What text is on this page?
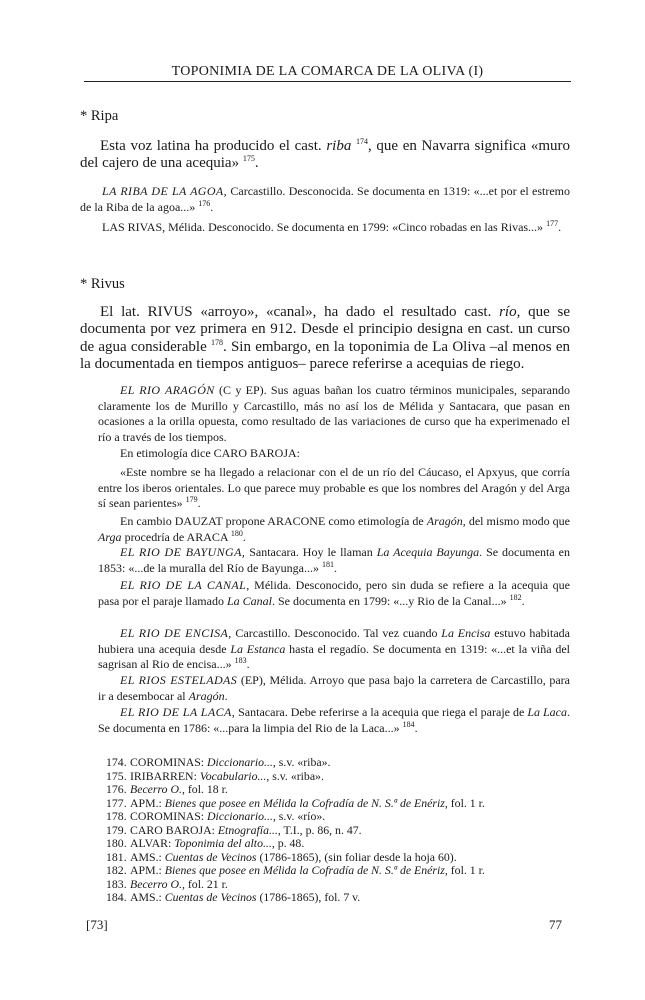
TOPONIMIA DE LA COMARCA DE LA OLIVA (I)
* Ripa
Esta voz latina ha producido el cast. riba $^{174}$, que en Navarra significa «muro del cajero de una acequia» $^{175}$.
LA RIBA DE LA AGOA, Carcastillo. Desconocida. Se documenta en 1319: «...et por el estremo de la Riba de la agoa...» $^{176}$.
LAS RIVAS, Mélida. Desconocido. Se documenta en 1799: «Cinco robadas en las Rivas...» $^{177}$.
* Rivus
El lat. RIVUS «arroyo», «canal», ha dado el resultado cast. río, que se documenta por vez primera en 912. Desde el principio designa en cast. un curso de agua considerable $^{178}$. Sin embargo, en la toponimia de La Oliva –al menos en la documentada en tiempos antiguos– parece referirse a acequias de riego.
EL RIO ARAGÓN (C y EP). Sus aguas bañan los cuatro términos municipales, separando claramente los de Murillo y Carcastillo, más no así los de Mélida y Santacara, que pasan en ocasiones a la orilla opuesta, como resultado de las variaciones de curso que ha experimenado el río a través de los tiempos.
En etimología dice CARO BAROJA:
«Este nombre se ha llegado a relacionar con el de un río del Cáucaso, el Apxyus, que corría entre los iberos orientales. Lo que parece muy probable es que los nombres del Aragón y del Arga sí sean parientes» $^{179}$.
En cambio DAUZAT propone ARACONE como etimología de Aragón, del mismo modo que Arga procedría de ARACA $^{180}$.
EL RIO DE BAYUNGA, Santacara. Hoy le llaman La Acequia Bayunga. Se documenta en 1853: «...de la muralla del Río de Bayunga...» $^{181}$.
EL RIO DE LA CANAL, Mélida. Desconocido, pero sin duda se refiere a la acequia que pasa por el paraje llamado La Canal. Se documenta en 1799: «...y Rio de la Canal...» $^{182}$.
EL RIO DE ENCISA, Carcastillo. Desconocido. Tal vez cuando La Encisa estuvo habitada hubiera una acequia desde La Estanca hasta el regadío. Se documenta en 1319: «...et la viña del sagrisan al Rio de encisa...» $^{183}$.
EL RIOS ESTELADAS (EP), Mélida. Arroyo que pasa bajo la carretera de Carcastillo, para ir a desembocar al Aragón.
EL RIO DE LA LACA, Santacara. Debe referirse a la acequia que riega el paraje de La Laca. Se documenta en 1786: «...para la limpia del Rio de la Laca...» $^{184}$.
174. COROMINAS: Diccionario..., s.v. «riba».
175. IRIBARREN: Vocabulario..., s.v. «riba».
176. Becerro O., fol. 18 r.
177. APM.: Bienes que posee en Mélida la Cofradía de N. S.ª de Enériz, fol. 1 r.
178. COROMINAS: Diccionario..., s.v. «río».
179. CARO BAROJA: Etnografía..., T.I., p. 86, n. 47.
180. ALVAR: Toponimia del alto..., p. 48.
181. AMS.: Cuentas de Vecinos (1786-1865), (sin foliar desde la hoja 60).
182. APM.: Bienes que posee en Mélida la Cofradía de N. S.ª de Enériz, fol. 1 r.
183. Becerro O., fol. 21 r.
184. AMS.: Cuentas de Vecinos (1786-1865), fol. 7 v.
[73]	77
